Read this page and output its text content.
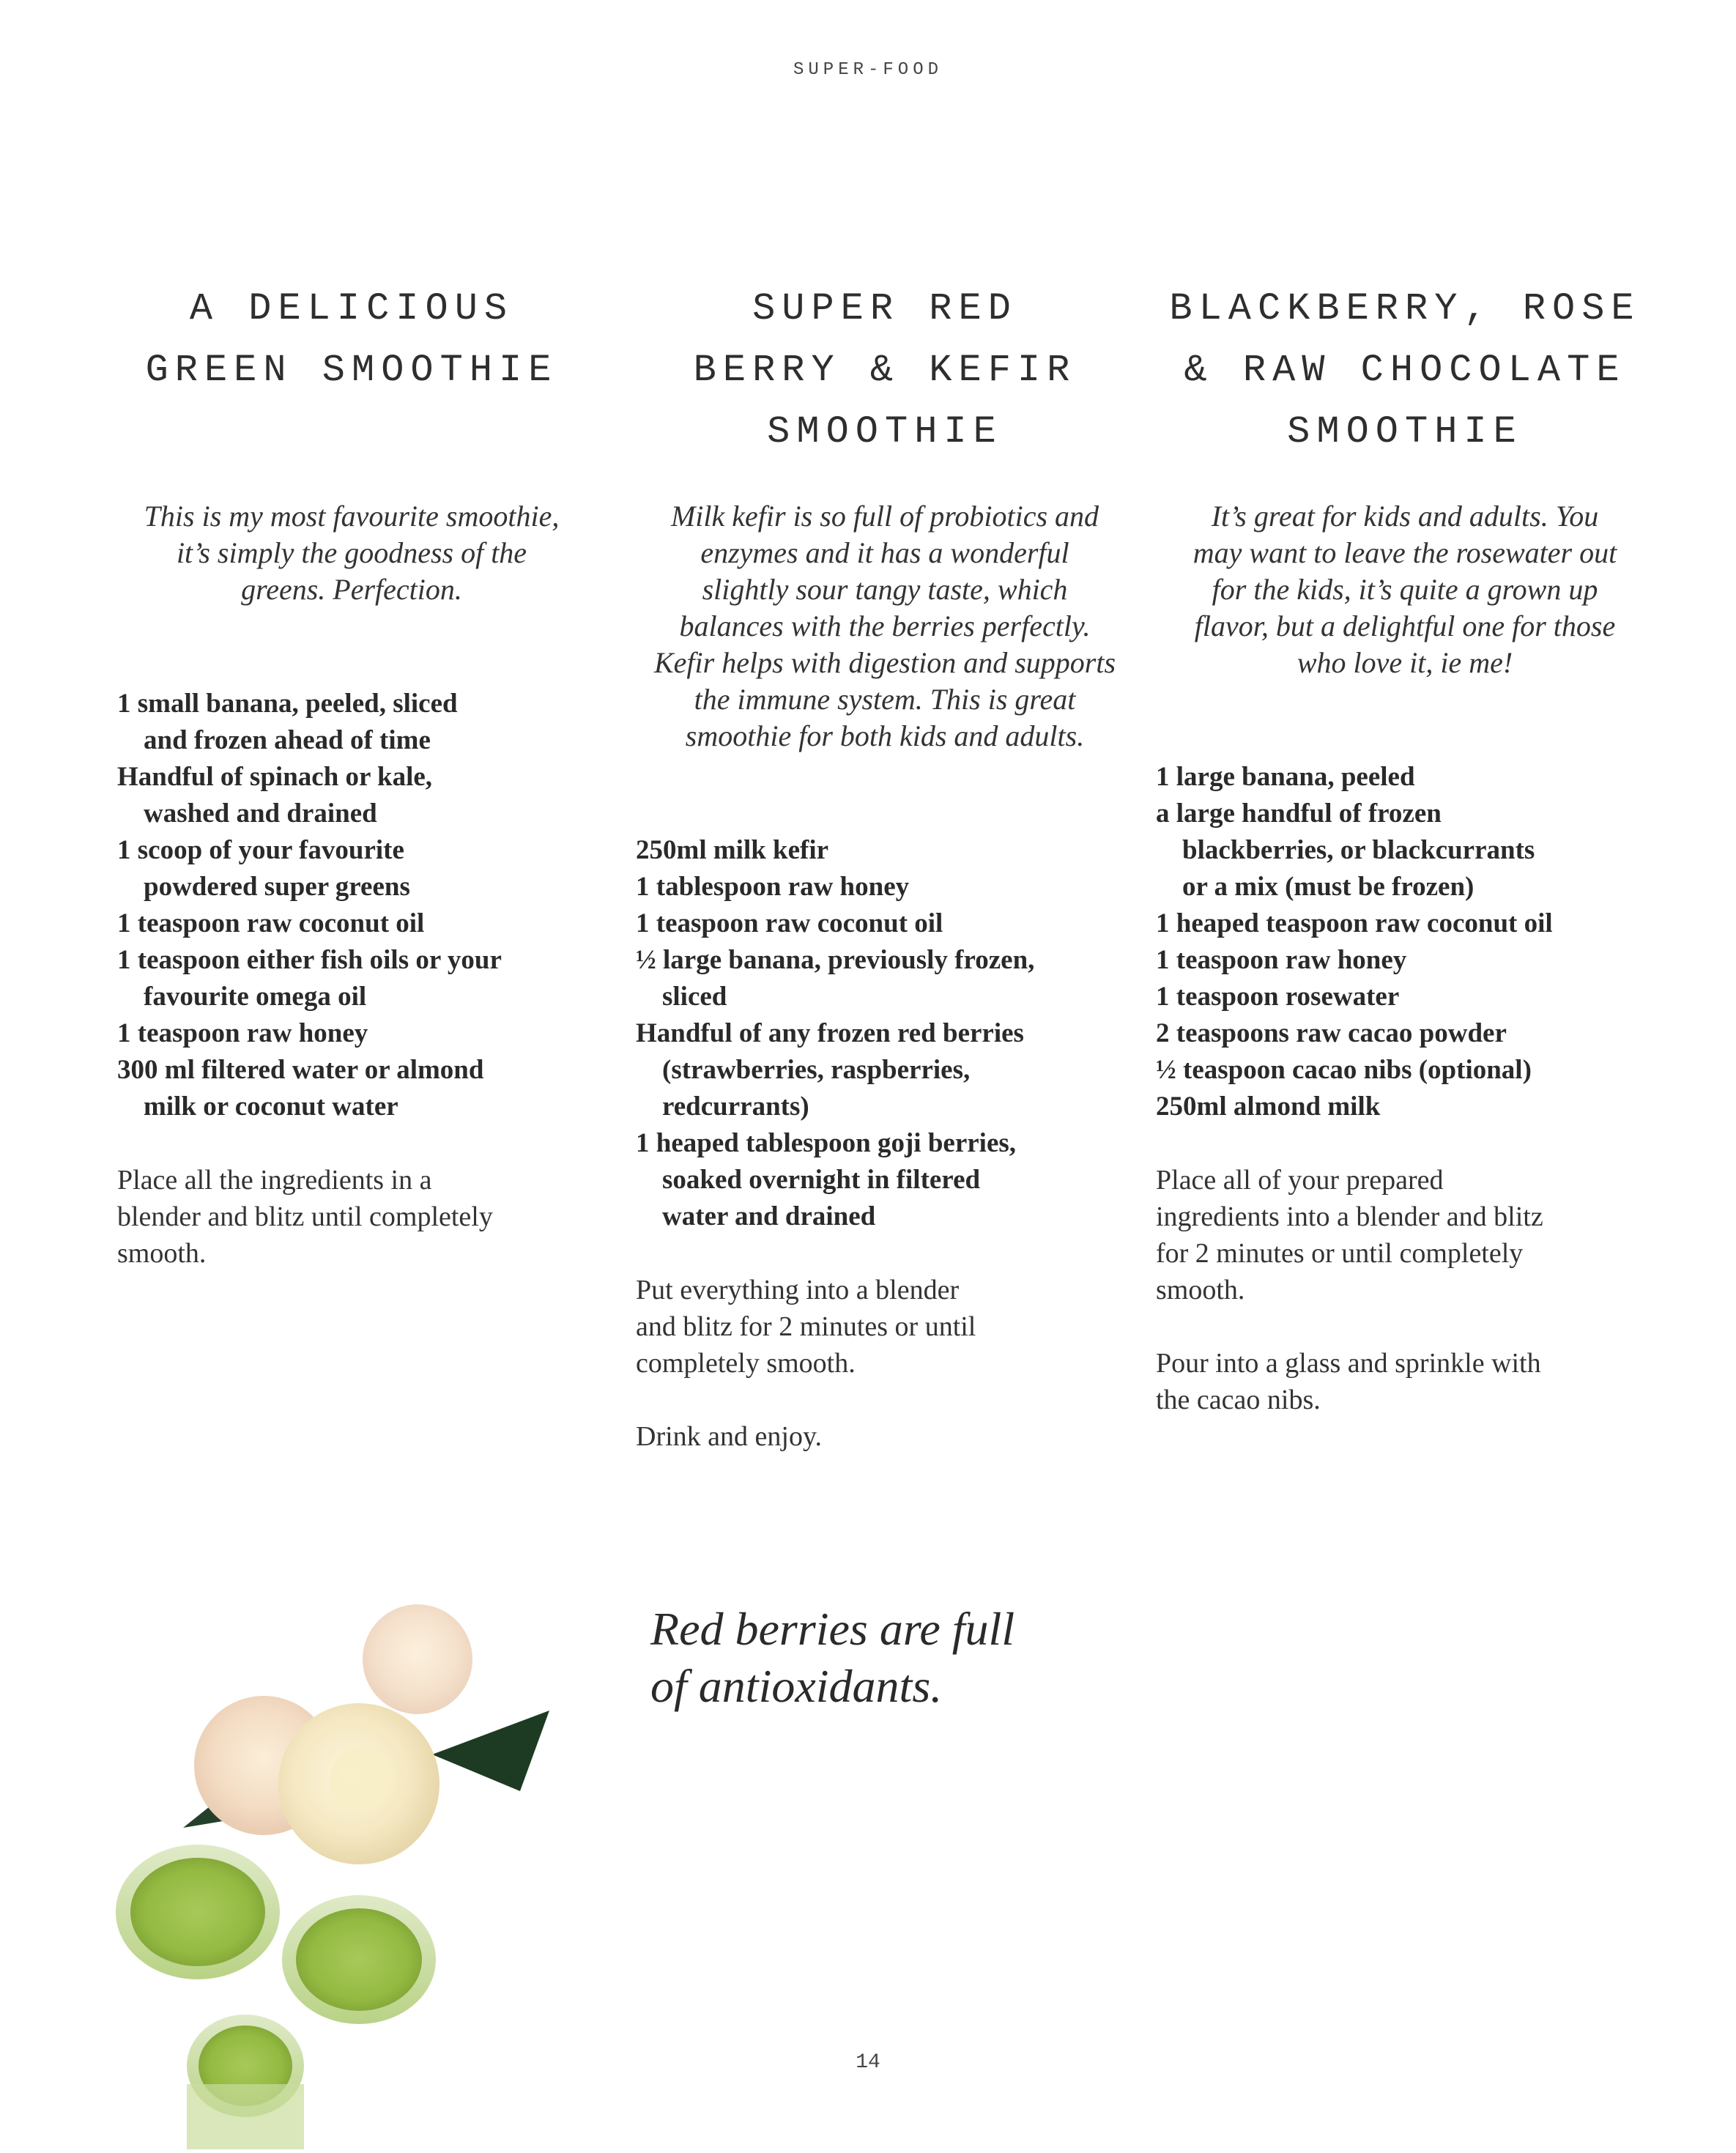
SUPER-FOOD
A DELICIOUS
GREEN SMOOTHIE

This is my most favourite smoothie,
it’s simply the goodness of the
greens. Perfection.

1 small banana, peeled, sliced
and frozen ahead of time
Handful of spinach or kale,
washed and drained
1 scoop of your favourite
powdered super greens
1 teaspoon raw coconut oil
1 teaspoon either fish oils or your
favourite omega oil
1 teaspoon raw honey
300 ml filtered water or almond
milk or coconut water

Place all the ingredients in a
blender and blitz until completely
smooth.

SUPER RED
BERRY & KEFIR
SMOOTHIE

Milk kefir is so full of probiotics and
enzymes and it has a wonderful
slightly sour tangy taste, which
balances with the berries perfectly.
Kefir helps with digestion and supports
the immune system. This is great
smoothie for both kids and adults.

250ml milk kefir
1 tablespoon raw honey
1 teaspoon raw coconut oil
½ large banana, previously frozen,
sliced
Handful of any frozen red berries
(strawberries, raspberries,
redcurrants)
1 heaped tablespoon goji berries,
soaked overnight in filtered
water and drained

Put everything into a blender
and blitz for 2 minutes or until
completely smooth.

Drink and enjoy.

BLACKBERRY, ROSE
& RAW CHOCOLATE
SMOOTHIE

It’s great for kids and adults. You
may want to leave the rosewater out
for the kids, it’s quite a grown up
flavor, but a delightful one for those
who love it, ie me!

1 large banana, peeled
a large handful of frozen
blackberries, or blackcurrants
or a mix (must be frozen)
1 heaped teaspoon raw coconut oil
1 teaspoon raw honey
1 teaspoon rosewater
2 teaspoons raw cacao powder
½ teaspoon cacao nibs (optional)
250ml almond milk

Place all of your prepared
ingredients into a blender and blitz
for 2 minutes or until completely
smooth.

Pour into a glass and sprinkle with
the cacao nibs.

Red berries are full
of antioxidants.

14
